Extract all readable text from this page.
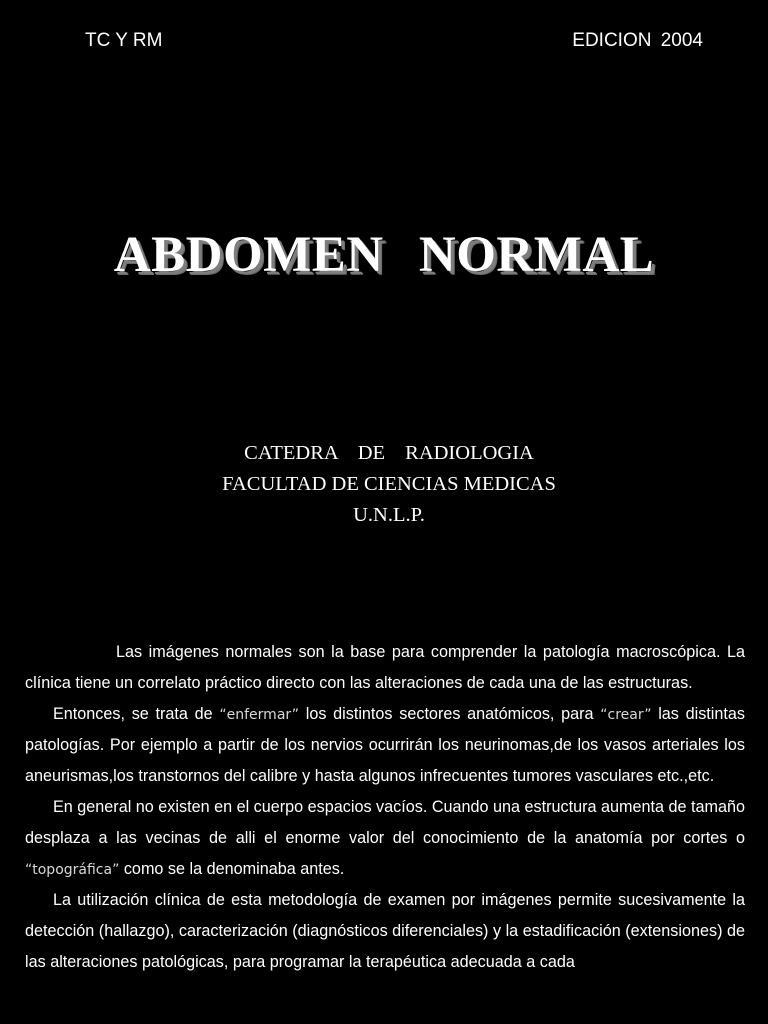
TC Y RM	EDICION 2004
ABDOMEN NORMAL
CATEDRA DE RADIOLOGIA
FACULTAD DE CIENCIAS MEDICAS
U.N.L.P.

Las imágenes normales son la base para comprender la patología macroscópica. La clínica tiene un correlato práctico directo con las alteraciones de cada una de las estructuras.

Entonces, se trata de “enfermar” los distintos sectores anatómicos, para “crear” las distintas patologías. Por ejemplo a partir de los nervios ocurrirán los neurinomas,de los vasos arteriales los aneurismas,los transtornos del calibre y hasta algunos infrecuentes tumores vasculares etc.,etc.

En general no existen en el cuerpo espacios vacíos. Cuando una estructura aumenta de tamaño desplaza a las vecinas de alli el enorme valor del conocimiento de la anatomía por cortes o “topográfica” como se la denominaba antes.

La utilización clínica de esta metodología de examen por imágenes permite sucesivamente la detección (hallazgo), caracterización (diagnósticos diferenciales) y la estadificación (extensiones) de las alteraciones patológicas, para programar la terapéutica adecuada a cada
